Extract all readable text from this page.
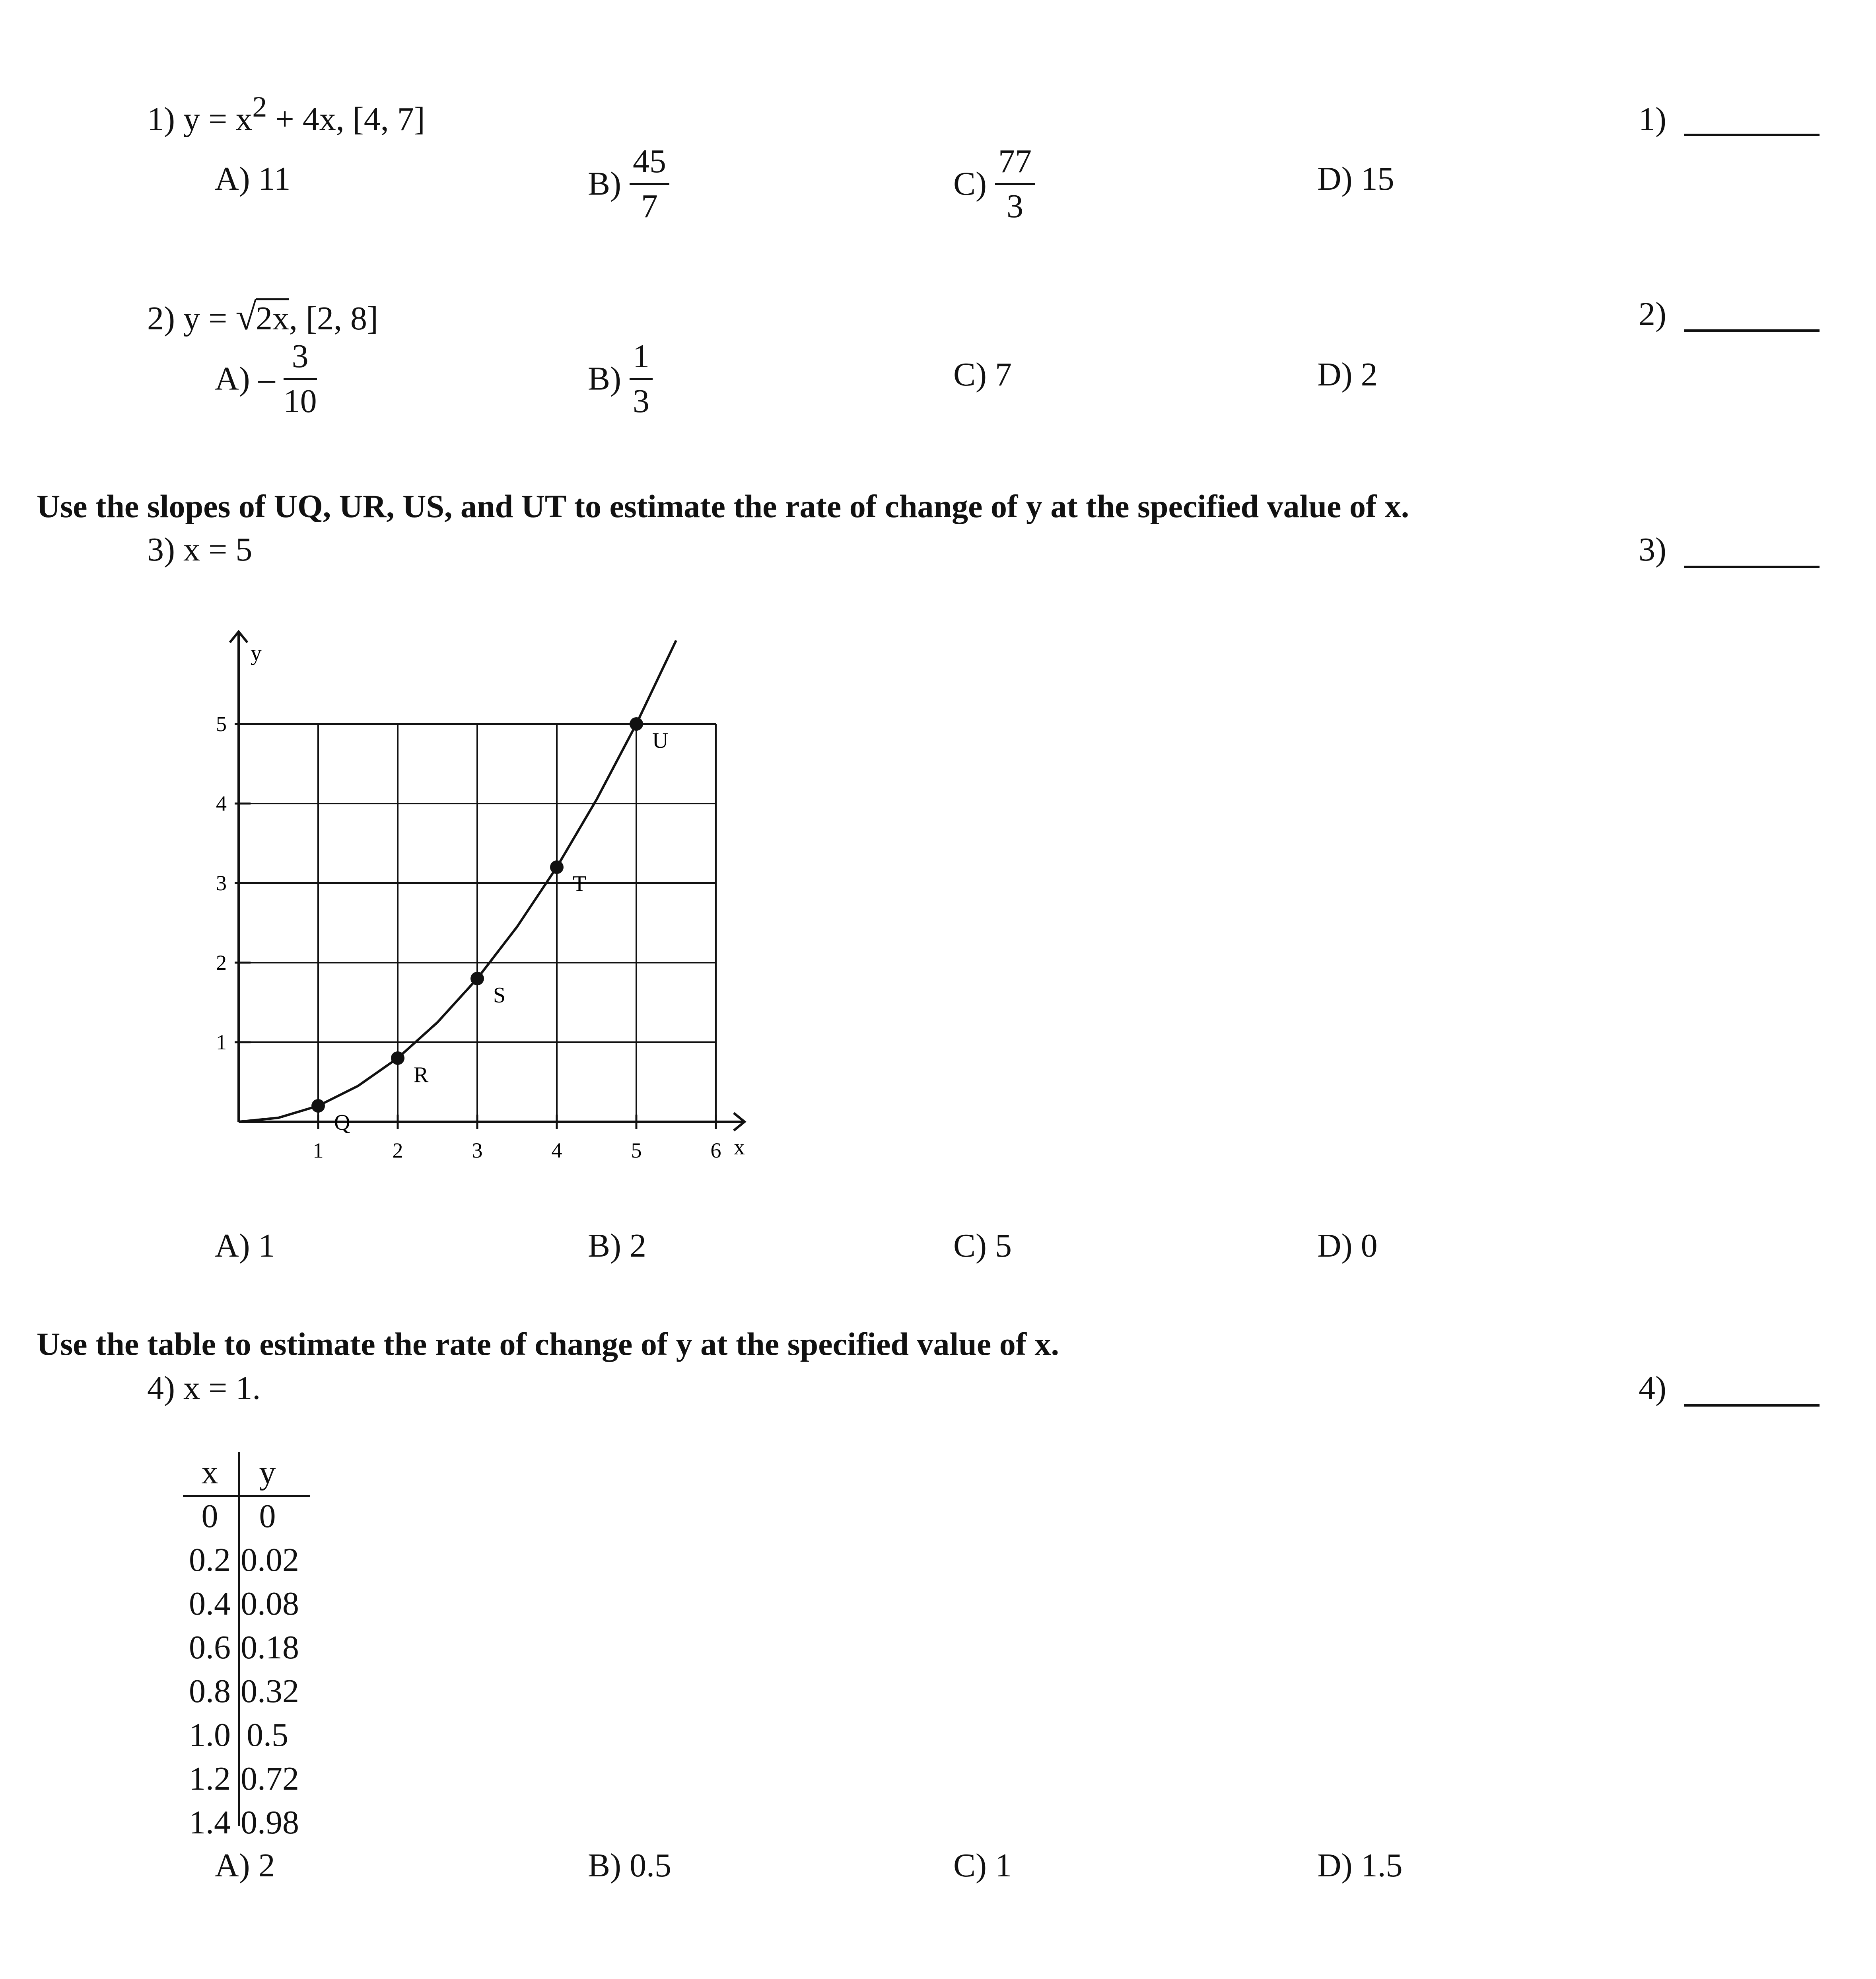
1) y = x2 + 4x, [4, 7]	1)
A) 11	$B) \frac{45}{7}$	$C) \frac{77}{3}$	D) 15
2) y = √2x, [2, 8]	2)
$A) - \frac{3}{10}$	$B) \frac{1}{3}$	C) 7	D) 2
Use the slopes of UQ, UR, US, and UT to estimate the rate of change of y at the specified value of x.
3) x = 5	3)
1	2	3	4	5	6
1
2
3
4
5
Q
R
S
T
U
x
y
A) 1	B) 2	C) 5	D) 0
Use the table to estimate the rate of change of y at the specified value of x.
4) x = 1.	4)
x	y
0	0
0.2 0.02
0.4 0.08
0.6 0.18
0.8 0.32
1.0 0.5
1.2 0.72
1.4 0.98
A) 2	B) 0.5	C) 1	D) 1.5
